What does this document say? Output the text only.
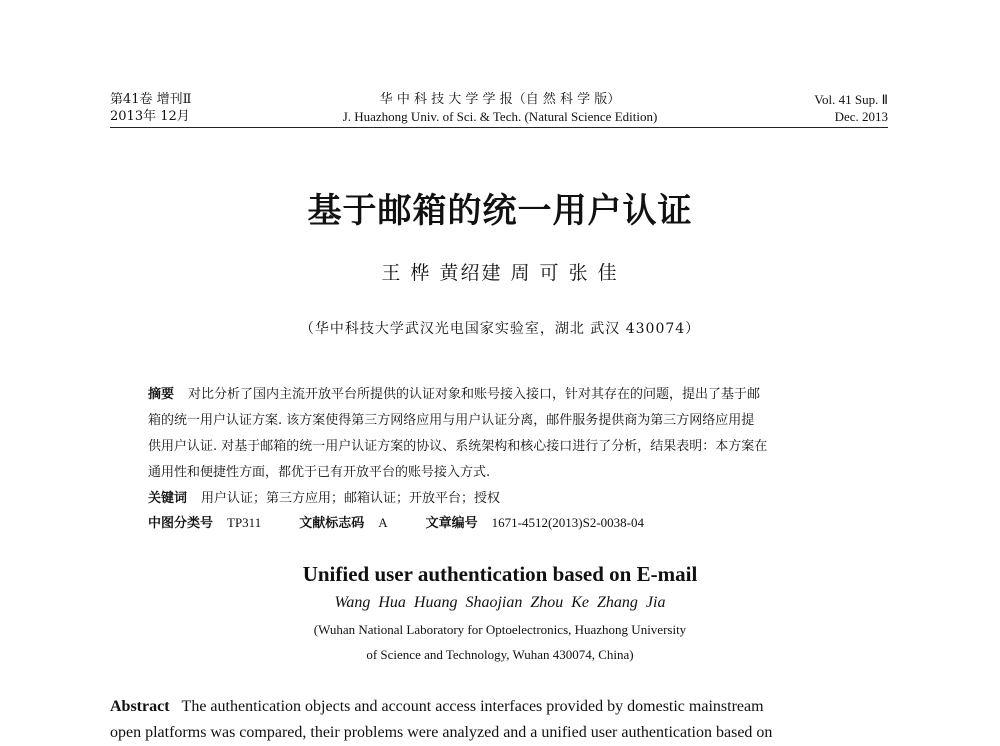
第41卷 增刊Ⅱ
2013年 12月
华 中 科 技 大 学 学 报（自 然 科 学 版）
J. Huazhong Univ. of Sci. & Tech. (Natural Science Edition)
Vol. 41 Sup. Ⅱ
Dec. 2013
基于邮箱的统一用户认证
王 桦 黄绍建 周 可 张 佳
（华中科技大学武汉光电国家实验室，湖北 武汉 430074）
摘要 对比分析了国内主流开放平台所提供的认证对象和账号接入接口，针对其存在的问题，提出了基于邮
箱的统一用户认证方案. 该方案使得第三方网络应用与用户认证分离，邮件服务提供商为第三方网络应用提
供用户认证. 对基于邮箱的统一用户认证方案的协议、系统架构和核心接口进行了分析，结果表明：本方案在
通用性和便捷性方面，都优于已有开放平台的账号接入方式.
关键词 用户认证；第三方应用；邮箱认证；开放平台；授权
中图分类号 TP311	文献标志码 A	文章编号 1671-4512(2013)S2-0038-04
Unified user authentication based on E-mail
Wang Hua Huang Shaojian Zhou Ke Zhang Jia
(Wuhan National Laboratory for Optoelectronics, Huazhong University
of Science and Technology, Wuhan 430074, China)
Abstract The authentication objects and account access interfaces provided by domestic mainstream
open platforms was compared, their problems were analyzed and a unified user authentication based on
